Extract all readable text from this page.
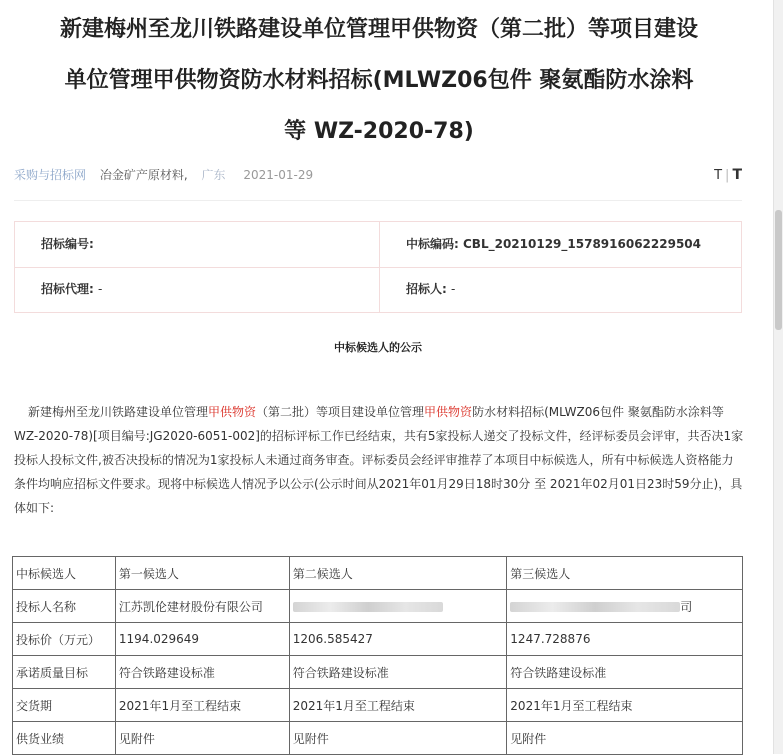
新建梅州至龙川铁路建设单位管理甲供物资（第二批）等项目建设
单位管理甲供物资防水材料招标(MLWZ06包件 聚氨酯防水涂料
等 WZ-2020-78)
采购与招标网 冶金矿产原材料, 广东 2021-01-29	T | T
招标编号:	中标编码: CBL_20210129_1578916062229504
招标代理: -	招标人: -
中标候选人的公示

新建梅州至龙川铁路建设单位管理甲供物资（第二批）等项目建设单位管理甲供物资防水材料招标(MLWZ06包件 聚氨酯防水涂料等WZ-2020-78)[项目编号:JG2020-6051-002]的招标评标工作已经结束，共有5家投标人递交了投标文件，经评标委员会评审，共否决1家投标人投标文件,被否决投标的情况为1家投标人未通过商务审查。评标委员会经评审推荐了本项目中标候选人，所有中标候选人资格能力条件均响应招标文件要求。现将中标候选人情况予以公示(公示时间从2021年01月29日18时30分 至 2021年02月01日23时59分止)，具体如下:

中标候选人	第一候选人	第二候选人	第三候选人
投标人名称	江苏凯伦建材股份有限公司		司
投标价（万元）	1194.029649	1206.585427	1247.728876
承诺质量目标	符合铁路建设标准	符合铁路建设标准	符合铁路建设标准
交货期	2021年1月至工程结束	2021年1月至工程结束	2021年1月至工程结束
供货业绩	见附件	见附件	见附件
